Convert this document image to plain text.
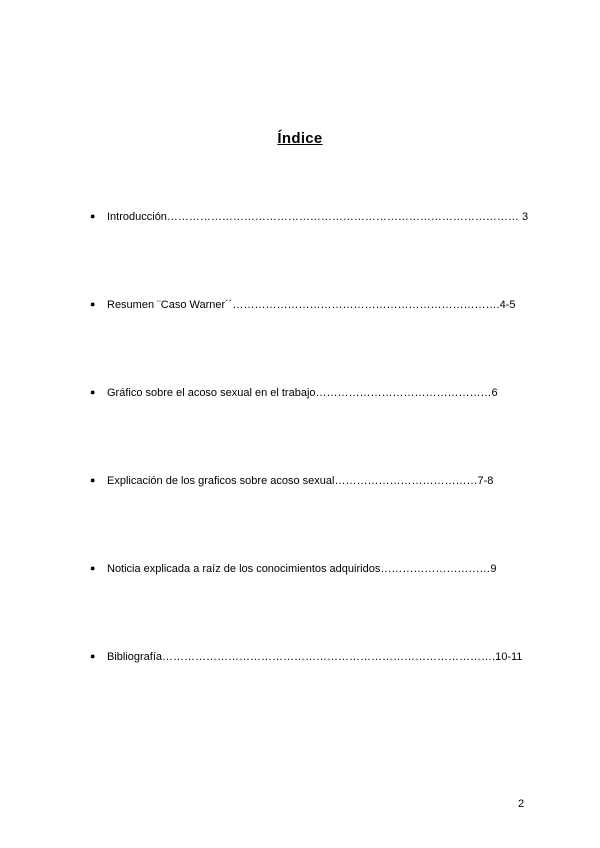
Índice
● Introducción…………………………………………………………………………………… 3
● Resumen ¨Caso Warner´´……………………………………………………………….4-5
● Gráfico sobre el acoso sexual en el trabajo…………………………………………6
● Explicación de los graficos sobre acoso sexual…………………………………7-8
● Noticia explicada a raíz de los conocimientos adquiridos…………………………9
● Bibliografía……………………………………………………………………………….10-11
2
